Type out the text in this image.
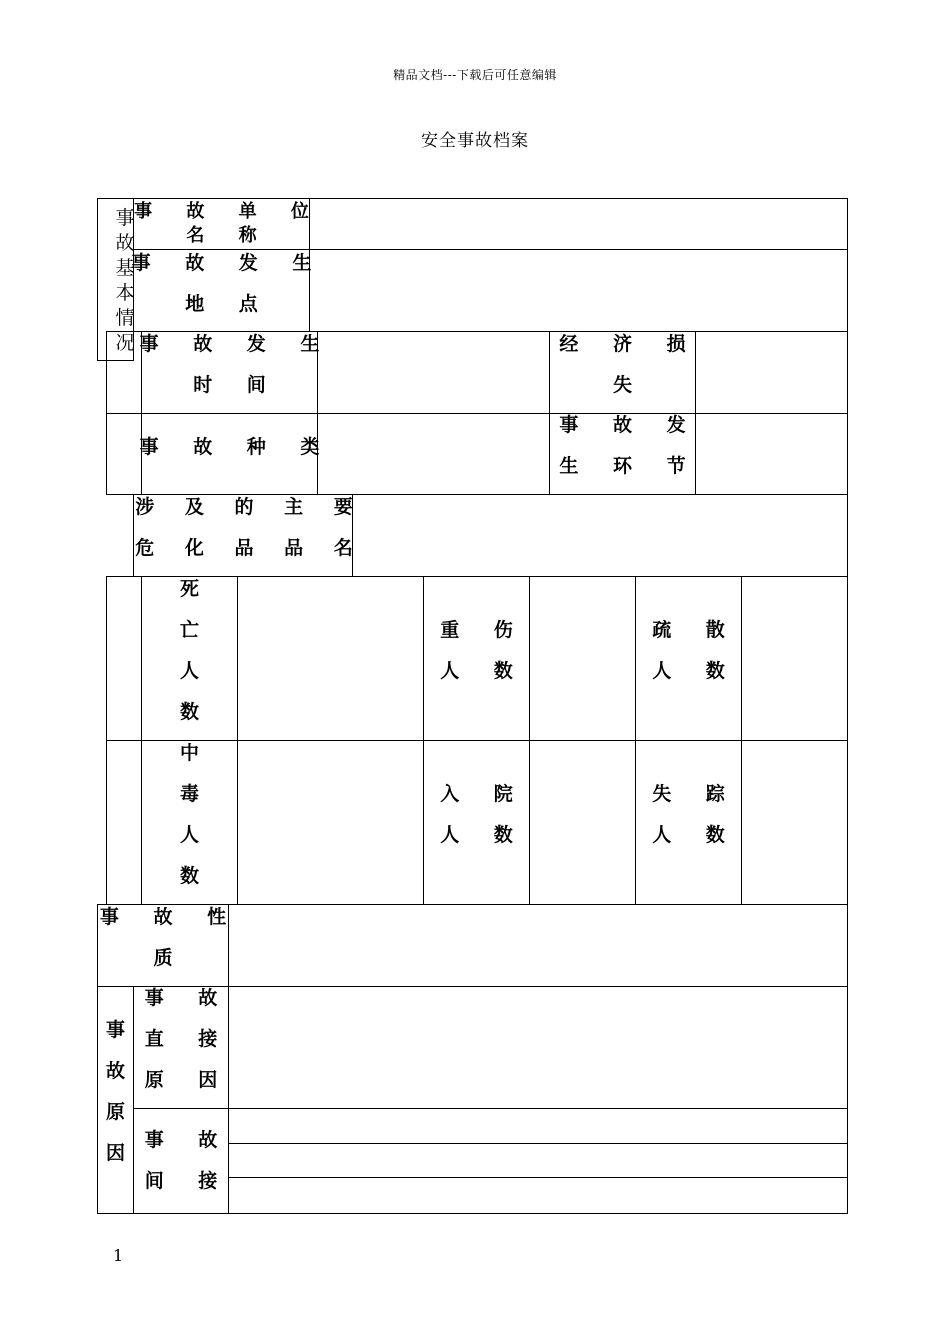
精品文档---下载后可任意编辑
安全事故档案
事
故
基
本
情
况
事 故 单 位
名 称
事 故 发 生
地 点
事 故 发 生
时 间
经 济 损
失
事 故 种 类
事 故 发
生 环 节
涉 及 的 主 要
危 化 品 品 名
死
亡
人
数
重 伤
人 数
疏 散
人 数
中
毒
人
数
入 院
人 数
失 踪
人 数
事 故 性
质
事
故
原
因
事 故
直 接
原 因
事 故
间 接
1
